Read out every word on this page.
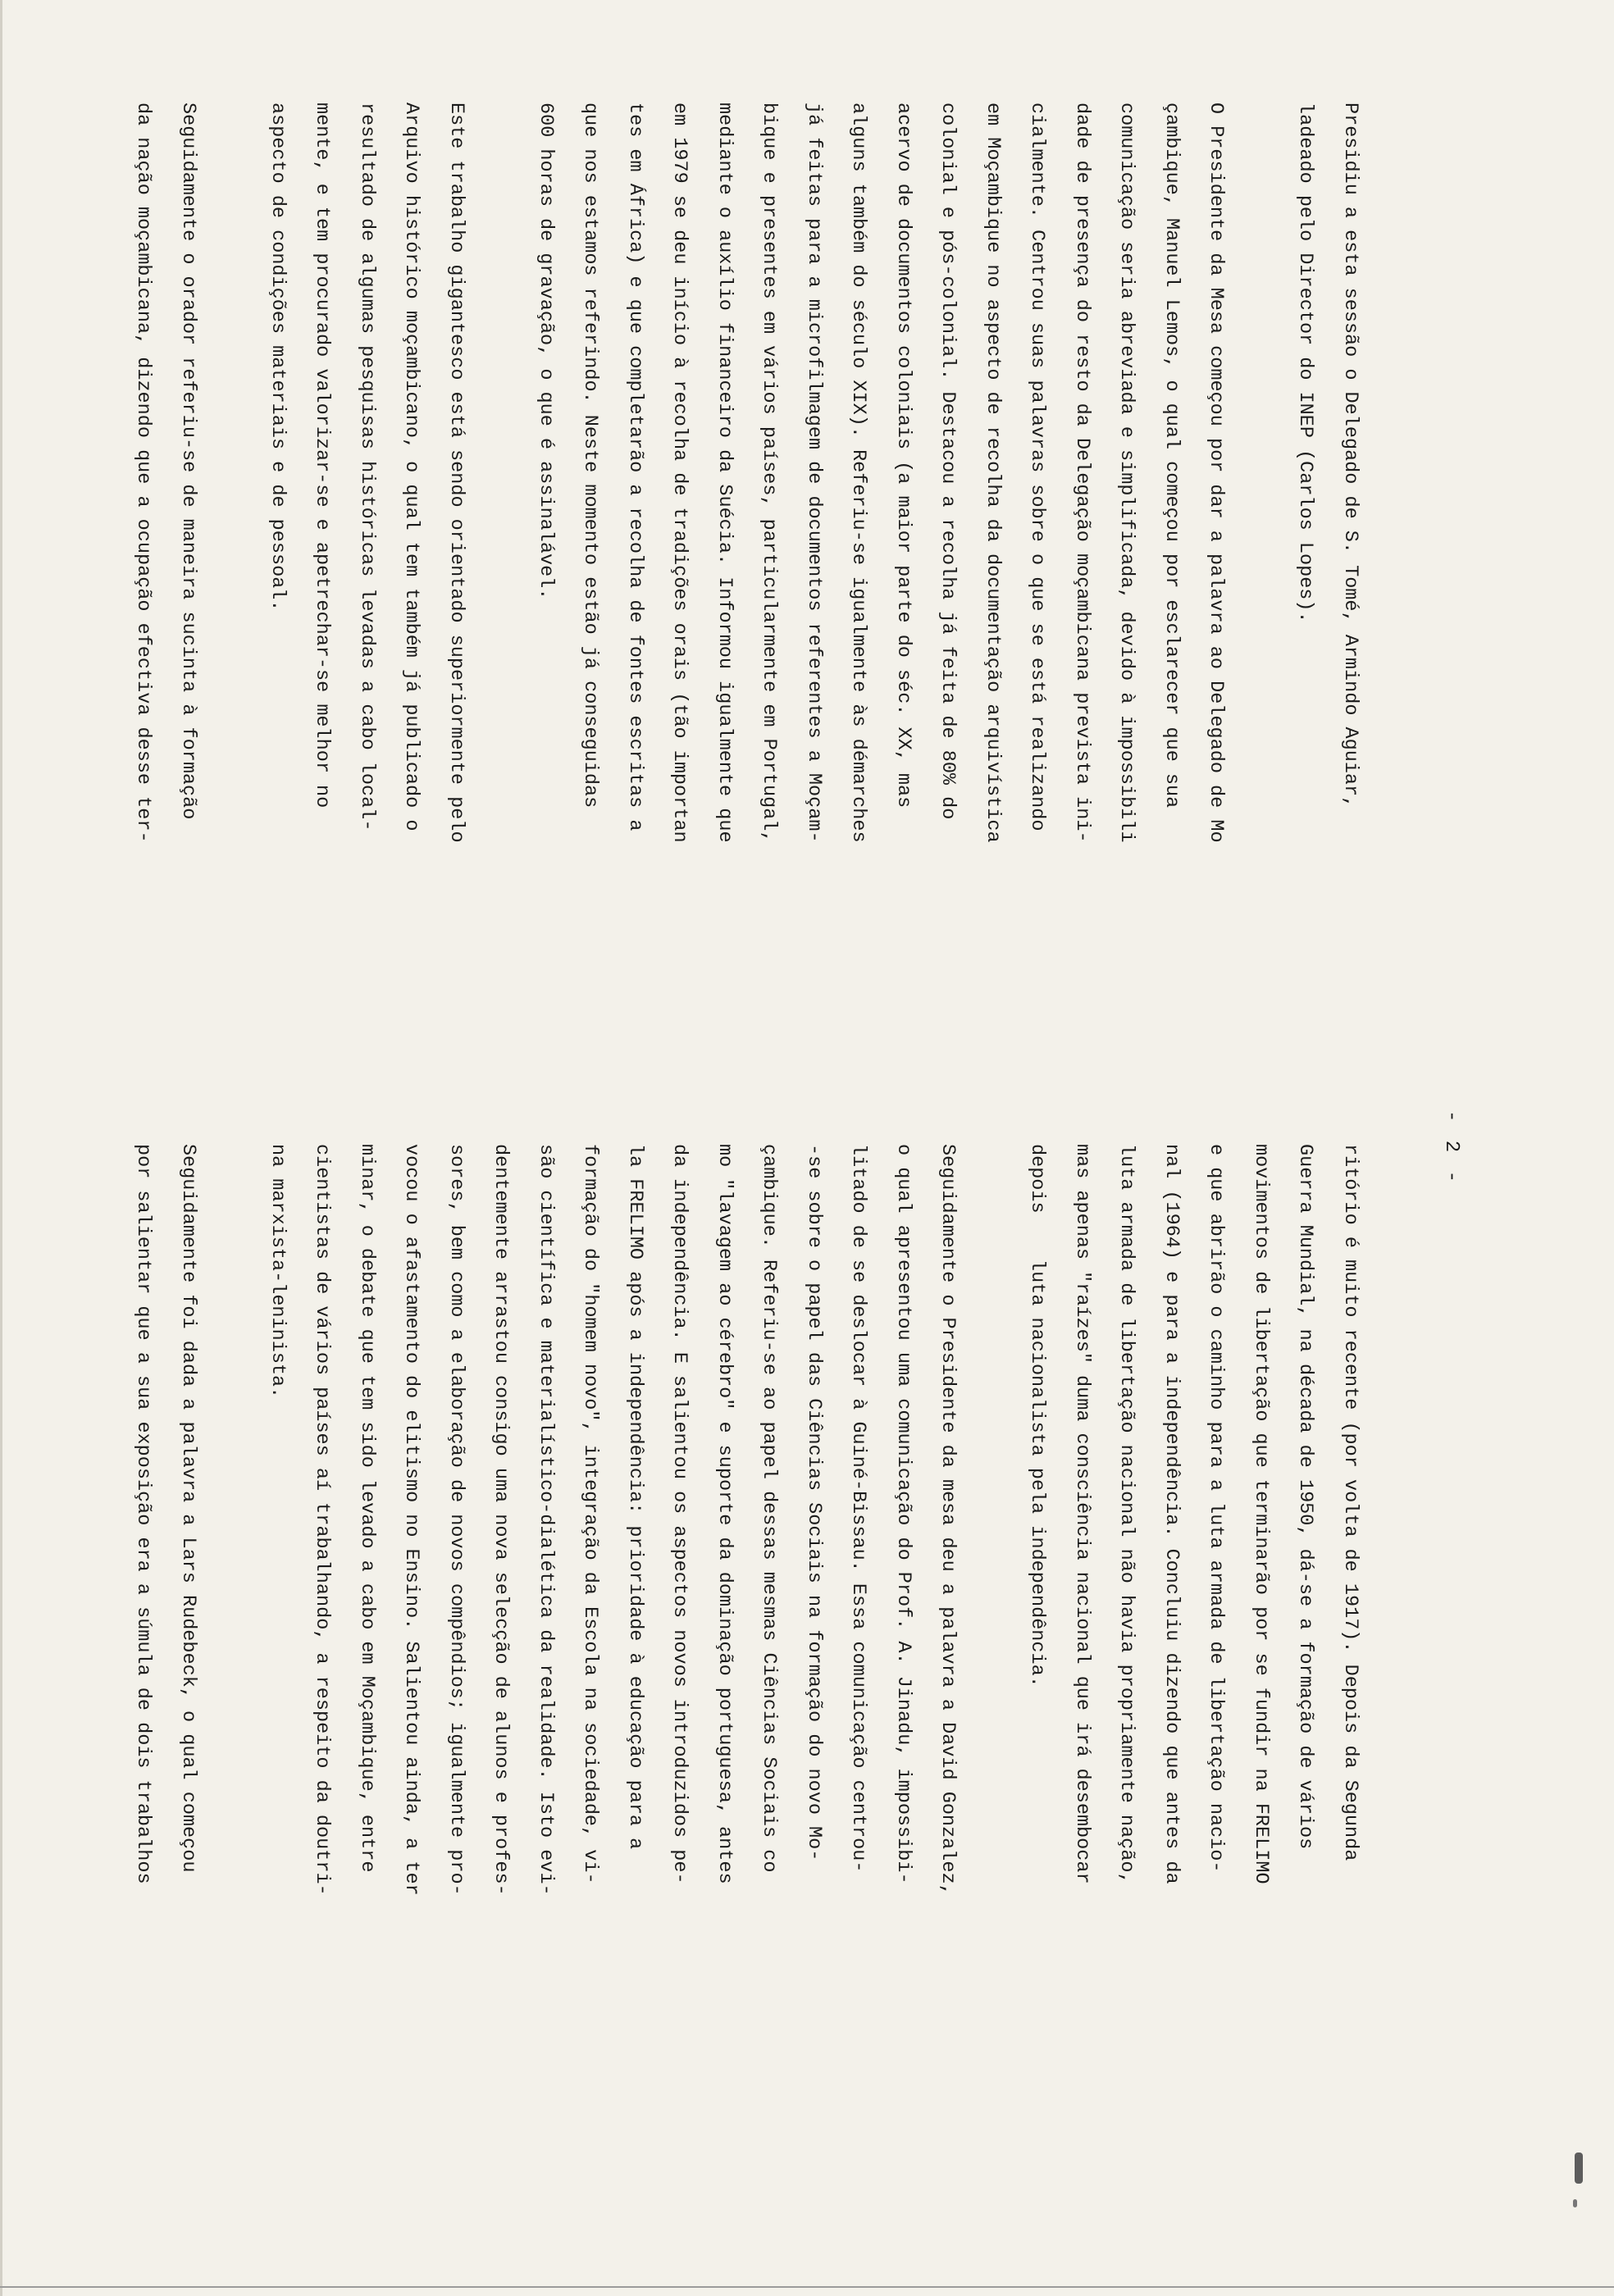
- 2 -
Presidiu a esta sessão o Delegado de S. Tomé, Armindo Aguiar,
ladeado pelo Director do INEP (Carlos Lopes).
O Presidente da Mesa começou por dar a palavra ao Delegado de Mo
çambique, Manuel Lemos, o qual começou por esclarecer que sua
comunicação seria abreviada e simplificada, devido à impossibili
dade de presença do resto da Delegação moçambicana prevista ini-
cialmente. Centrou suas palavras sobre o que se está realizando
em Moçambique no aspecto de recolha da documentação arquivística
colonial e pós-colonial. Destacou a recolha já feita de 80% do
acervo de documentos coloniais (a maior parte do séc. XX, mas
alguns também do século XIX). Referiu-se igualmente às démarches
já feitas para a microfilmagem de documentos referentes a Moçam-
bique e presentes em vários países, particularmente em Portugal,
mediante o auxílio financeiro da Suécia. Informou igualmente que
em 1979 se deu início à recolha de tradições orais (tão importan
tes em África) e que completarão a recolha de fontes escritas a
que nos estamos referindo. Neste momento estão já conseguidas
600 horas de gravação, o que é assinalável.
Este trabalho gigantesco está sendo orientado superiormente pelo
Arquivo histórico moçambicano, o qual tem também já publicado o
resultado de algumas pesquisas históricas levadas a cabo local-
mente, e tem procurado valorizar-se e apetrechar-se melhor no
aspecto de condições materiais e de pessoal.
Seguidamente o orador referiu-se de maneira sucinta à formação
da nação moçambicana, dizendo que a ocupação efectiva desse ter-
ritório é muito recente (por volta de 1917). Depois da Segunda
Guerra Mundial, na década de 1950, dá-se a formação de vários
movimentos de libertação que terminarão por se fundir na FRELIMO
e que abrirão o caminho para a luta armada de libertação nacio-
nal (1964) e para a independência. Concluiu dizendo que antes da
luta armada de libertação nacional não havia propriamente nação,
mas apenas "raízes" duma consciência nacional que irá desembocar
depois    luta nacionalista pela independência.
Seguidamente o Presidente da mesa deu a palavra a David Gonzalez,
o qual apresentou uma comunicação do Prof. A. Jinadu, impossibi-
litado de se deslocar à Guiné-Bissau. Essa comunicação centrou-
-se sobre o papel das Ciências Sociais na formação do novo Mo-
çambique. Referiu-se ao papel dessas mesmas Ciências Sociais co
mo "lavagem ao cérebro" e suporte da dominação portuguesa, antes
da independência. E salientou os aspectos novos introduzidos pe-
la FRELIMO após a independência: prioridade à educação para a
formação do "homem novo", integração da Escola na sociedade, vi-
são científica e materialístico-dialética da realidade. Isto evi-
dentemente arrastou consigo uma nova selecção de alunos e profes-
sores, bem como a elaboração de novos compêndios; igualmente pro-
vocou o afastamento do elitismo no Ensino. Salientou ainda, a ter
minar, o debate que tem sido levado a cabo em Moçambique, entre
cientistas de vários países aí trabalhando, a respeito da doutri-
na marxista-leninista.
Seguidamente foi dada a palavra a Lars Rudebeck, o qual começou
por salientar que a sua exposição era a súmula de dois trabalhos
